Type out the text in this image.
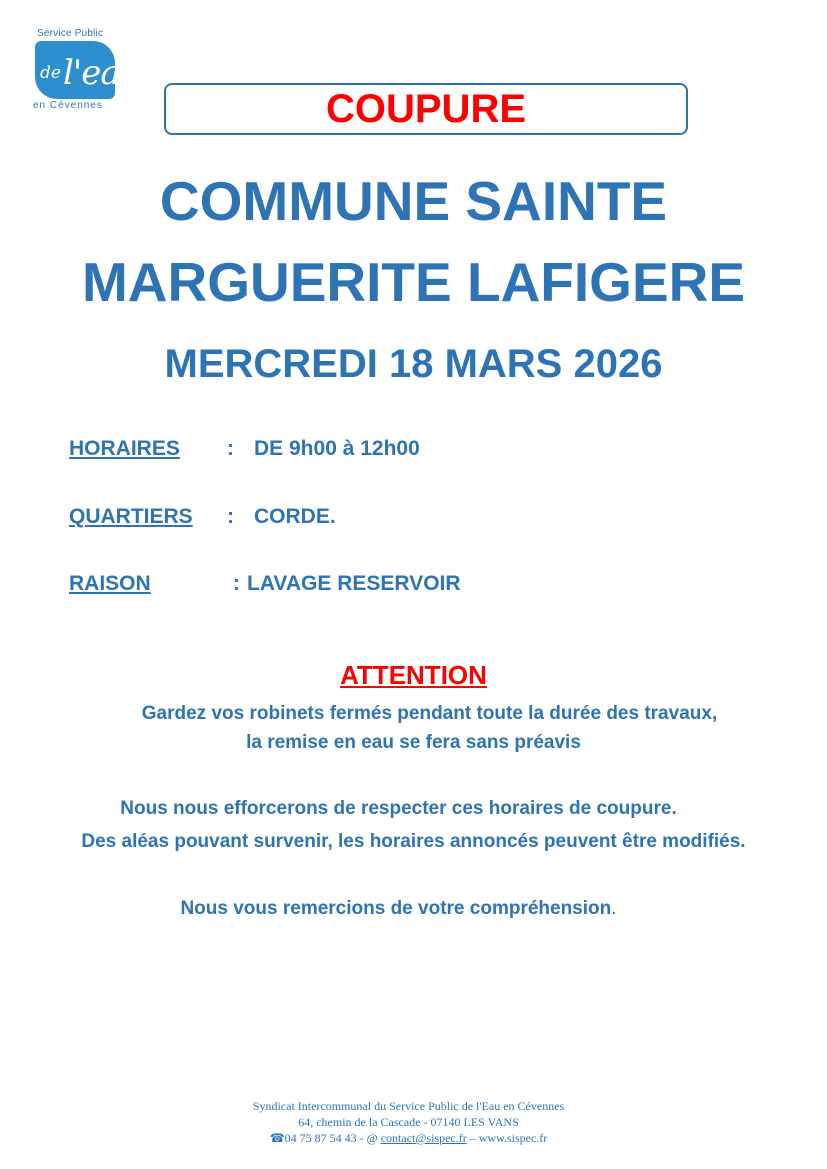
Service Public
de l'eau
en Cévennes	COUPURE
COMMUNE SAINTE
MARGUERITE LAFIGERE
MERCREDI 18 MARS 2026
HORAIRES : DE 9h00 à 12h00
QUARTIERS : CORDE.
RAISON	: LAVAGE RESERVOIR
ATTENTION
Gardez vos robinets fermés pendant toute la durée des travaux,
la remise en eau se fera sans préavis
Nous nous efforcerons de respecter ces horaires de coupure.
Des aléas pouvant survenir, les horaires annoncés peuvent être modifiés.
Nous vous remercions de votre compréhension.
Syndicat Intercommunal du Service Public de l'Eau en Cévennes
64, chemin de la Cascade - 07140 LES VANS
☎04 75 87 54 43 - @ contact@sispec.fr – www.sispec.fr
